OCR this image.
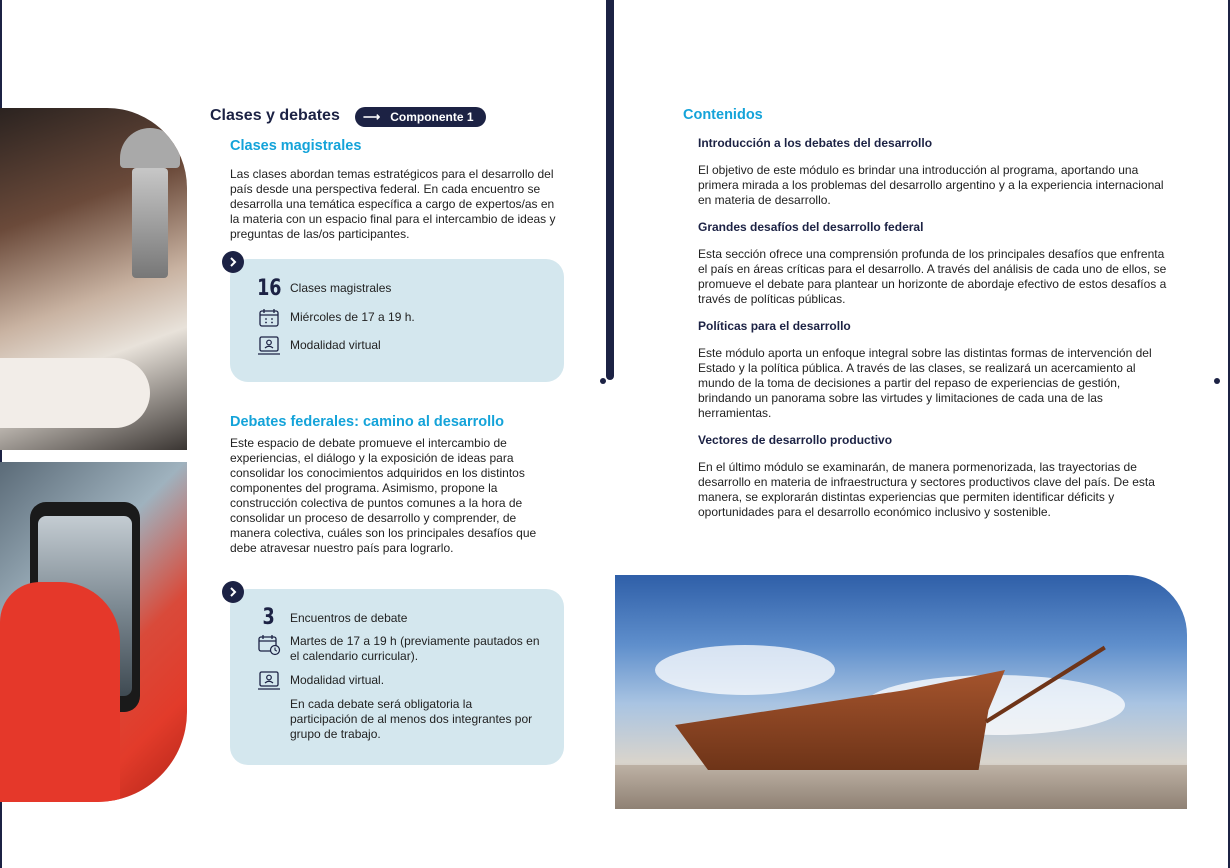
Clases y debates ⟶ Componente 1
Clases magistrales
Las clases abordan temas estratégicos para el desarrollo del país desde una perspectiva federal. En cada encuentro se desarrolla una temática específica a cargo de expertos/as en la materia con un espacio final para el intercambio de ideas y preguntas de las/os participantes.
16 Clases magistrales
Miércoles de 17 a 19 h.
Modalidad virtual
Debates federales: camino al desarrollo
Este espacio de debate promueve el intercambio de experiencias, el diálogo y la exposición de ideas para consolidar los conocimientos adquiridos en los distintos componentes del programa. Asimismo, propone la construcción colectiva de puntos comunes a la hora de consolidar un proceso de desarrollo y comprender, de manera colectiva, cuáles son los principales desafíos que debe atravesar nuestro país para lograrlo.
3 Encuentros de debate
Martes de 17 a 19 h (previamente pautados en el calendario curricular).
Modalidad virtual.
En cada debate será obligatoria la participación de al menos dos integrantes por grupo de trabajo.
Contenidos
Introducción a los debates del desarrollo
El objetivo de este módulo es brindar una introducción al programa, aportando una primera mirada a los problemas del desarrollo argentino y a la experiencia internacional en materia de desarrollo.
Grandes desafíos del desarrollo federal
Esta sección ofrece una comprensión profunda de los principales desafíos que enfrenta el país en áreas críticas para el desarrollo. A través del análisis de cada uno de ellos, se promueve el debate para plantear un horizonte de abordaje efectivo de estos desafíos a través de políticas públicas.
Políticas para el desarrollo
Este módulo aporta un enfoque integral sobre las distintas formas de intervención del Estado y la política pública. A través de las clases, se realizará un acercamiento al mundo de la toma de decisiones a partir del repaso de experiencias de gestión, brindando un panorama sobre las virtudes y limitaciones de cada una de las herramientas.
Vectores de desarrollo productivo
En el último módulo se examinarán, de manera pormenorizada, las trayectorias de desarrollo en materia de infraestructura y sectores productivos clave del país. De esta manera, se explorarán distintas experiencias que permiten identificar déficits y oportunidades para el desarrollo económico inclusivo y sostenible.
